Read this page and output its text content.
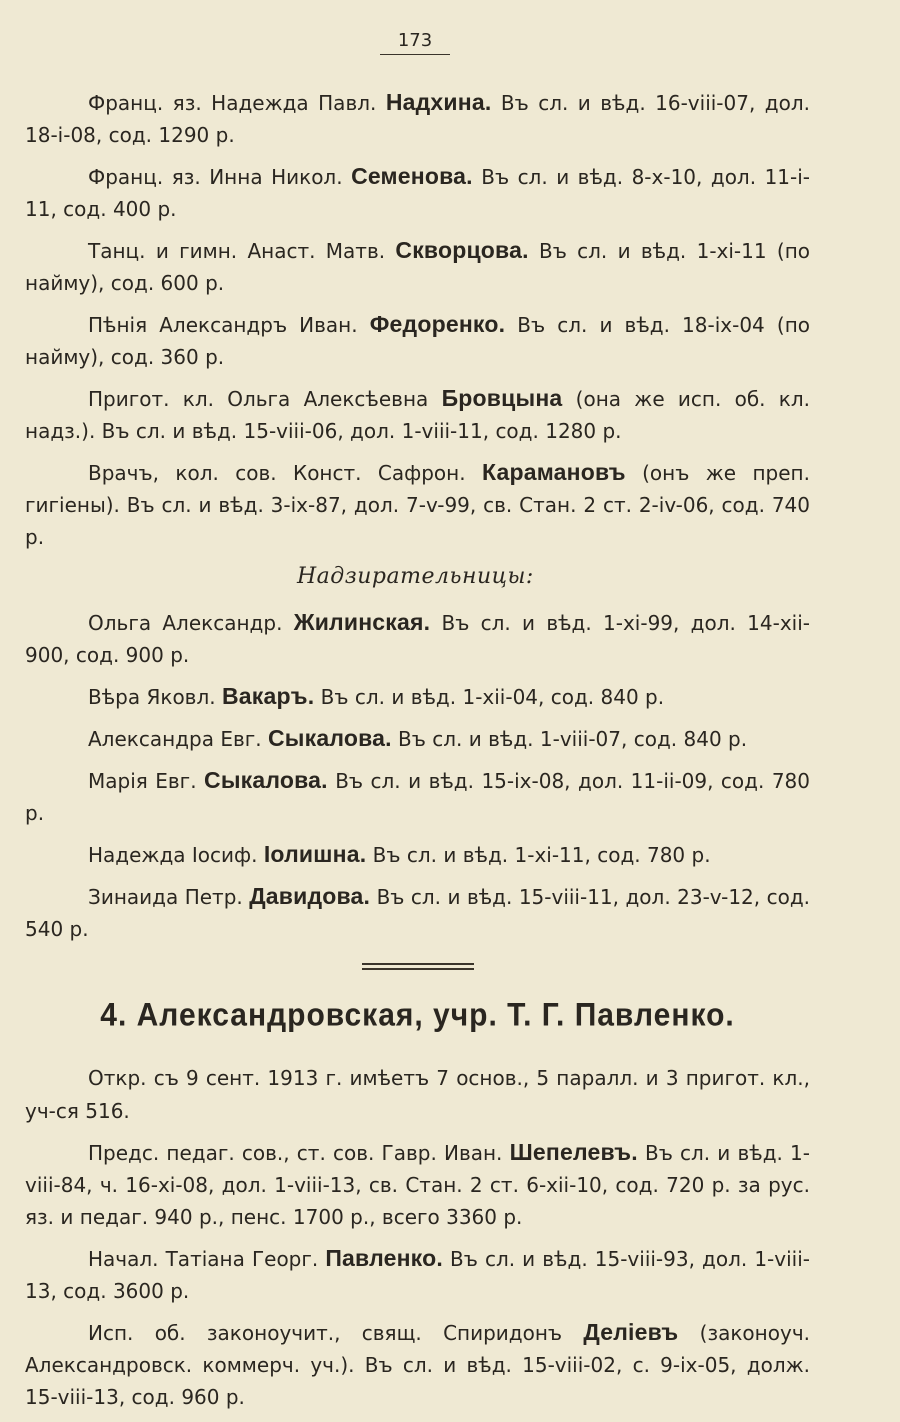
173

Франц. яз. Надежда Павл. Надхина. Въ сл. и вѣд. 16-viii-07, дол. 18-i-08, сод. 1290 р.

Франц. яз. Инна Никол. Семенова. Въ сл. и вѣд. 8-x-10, дол. 11-i-11, сод. 400 р.

Танц. и гимн. Анаст. Матв. Скворцова. Въ сл. и вѣд. 1-xi-11 (по найму), сод. 600 р.

Пѣнія Александръ Иван. Федоренко. Въ сл. и вѣд. 18-ix-04 (по найму), сод. 360 р.

Пригот. кл. Ольга Алексѣевна Бровцына (она же исп. об. кл. надз.). Въ сл. и вѣд. 15-viii-06, дол. 1-viii-11, сод. 1280 р.

Врачъ, кол. сов. Конст. Сафрон. Карамановъ (онъ же преп. гигіены). Въ сл. и вѣд. 3-ix-87, дол. 7-v-99, св. Стан. 2 ст. 2-iv-06, сод. 740 р.

Надзирательницы:

Ольга Александр. Жилинская. Въ сл. и вѣд. 1-xi-99, дол. 14-xii-900, сод. 900 р.

Вѣра Яковл. Вакаръ. Въ сл. и вѣд. 1-xii-04, сод. 840 р.

Александра Евг. Сыкалова. Въ сл. и вѣд. 1-viii-07, сод. 840 р.

Марія Евг. Сыкалова. Въ сл. и вѣд. 15-ix-08, дол. 11-ii-09, сод. 780 р.

Надежда Іосиф. Іолишна. Въ сл. и вѣд. 1-xi-11, сод. 780 р.

Зинаида Петр. Давидова. Въ сл. и вѣд. 15-viii-11, дол. 23-v-12, сод. 540 р.

4. Александровская, учр. Т. Г. Павленко.

Откр. съ 9 сент. 1913 г. имѣетъ 7 основ., 5 паралл. и 3 пригот. кл., уч-ся 516.

Предс. педаг. сов., ст. сов. Гавр. Иван. Шепелевъ. Въ сл. и вѣд. 1-viii-84, ч. 16-xi-08, дол. 1-viii-13, св. Стан. 2 ст. 6-xii-10, сод. 720 р. за рус. яз. и педаг. 940 р., пенс. 1700 р., всего 3360 р.

Начал. Татіана Георг. Павленко. Въ сл. и вѣд. 15-viii-93, дол. 1-viii-13, сод. 3600 р.

Исп. об. законоучит., свящ. Спиридонъ Деліевъ (законоуч. Александровск. коммерч. уч.). Въ сл. и вѣд. 15-viii-02, с. 9-ix-05, долж. 15-viii-13, сод. 960 р.
